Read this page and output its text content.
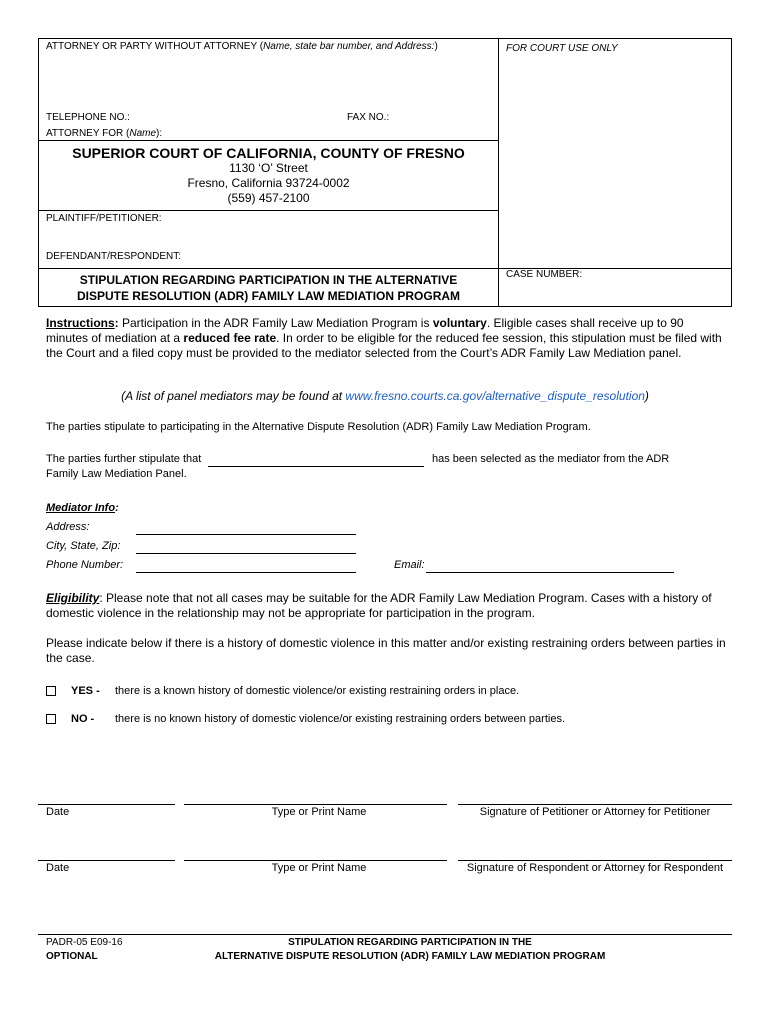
ATTORNEY OR PARTY WITHOUT ATTORNEY (Name, state bar number, and Address:)	FOR COURT USE ONLY
TELEPHONE NO.:	FAX NO.:
ATTORNEY FOR (Name):
SUPERIOR COURT OF CALIFORNIA, COUNTY OF FRESNO
1130 ‘O’ Street
Fresno, California 93724-0002
(559) 457-2100
PLAINTIFF/PETITIONER:
DEFENDANT/RESPONDENT:
STIPULATION REGARDING PARTICIPATION IN THE ALTERNATIVE
DISPUTE RESOLUTION (ADR) FAMILY LAW MEDIATION PROGRAM
CASE NUMBER:
Instructions: Participation in the ADR Family Law Mediation Program is voluntary. Eligible cases shall receive up to 90 minutes of mediation at a reduced fee rate. In order to be eligible for the reduced fee session, this stipulation must be filed with the Court and a filed copy must be provided to the mediator selected from the Court’s ADR Family Law Mediation panel.
(A list of panel mediators may be found at www.fresno.courts.ca.gov/alternative_dispute_resolution)
The parties stipulate to participating in the Alternative Dispute Resolution (ADR) Family Law Mediation Program.
The parties further stipulate that	has been selected as the mediator from the ADR
Family Law Mediation Panel.
Mediator Info:
Address:
City, State, Zip:
Phone Number:	Email:
Eligibility: Please note that not all cases may be suitable for the ADR Family Law Mediation Program. Cases with a history of domestic violence in the relationship may not be appropriate for participation in the program.
Please indicate below if there is a history of domestic violence in this matter and/or existing restraining orders between parties in the case.
YES - there is a known history of domestic violence/or existing restraining orders in place.
NO - there is no known history of domestic violence/or existing restraining orders between parties.
Date	Type or Print Name	Signature of Petitioner or Attorney for Petitioner
Date	Type or Print Name	Signature of Respondent or Attorney for Respondent
PADR-05 E09-16
OPTIONAL
STIPULATION REGARDING PARTICIPATION IN THE
ALTERNATIVE DISPUTE RESOLUTION (ADR) FAMILY LAW MEDIATION PROGRAM
